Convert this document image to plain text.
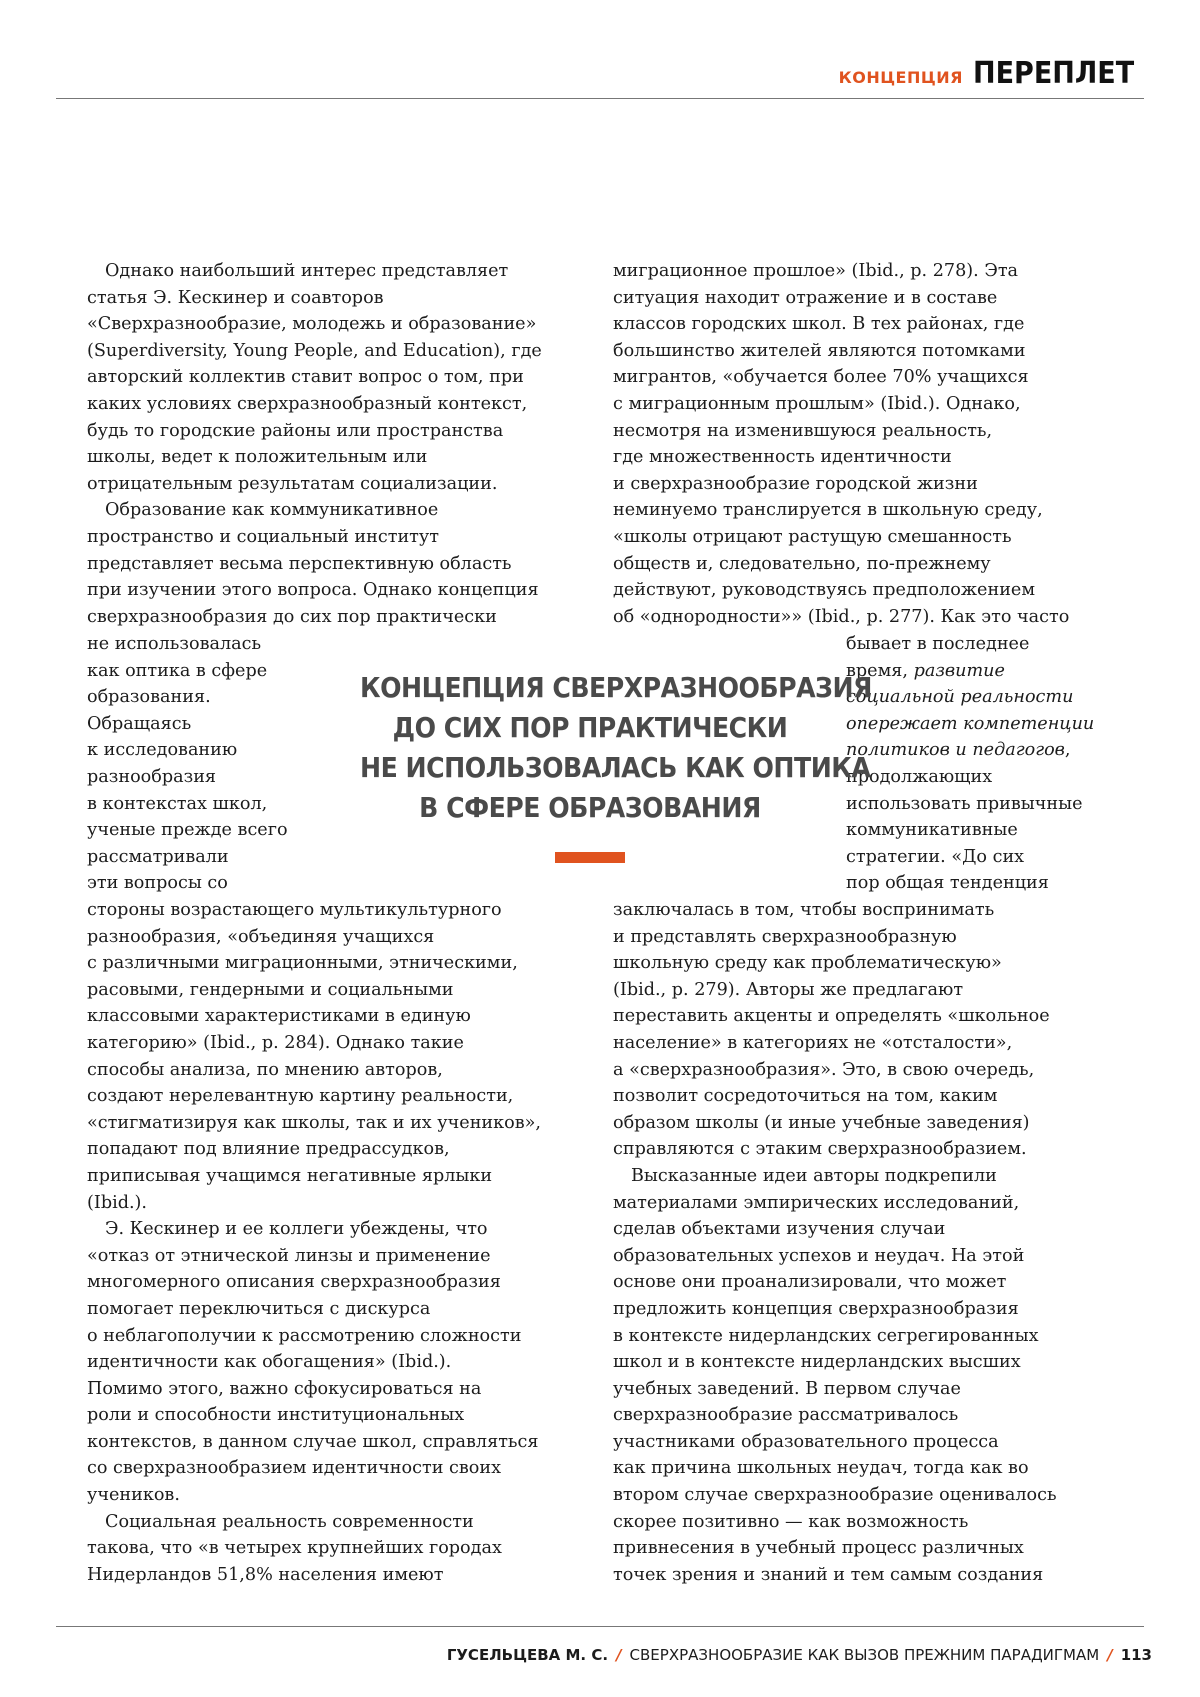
КОНЦЕПЦИЯ ПЕРЕПЛЕТ

Однако наибольший интерес представляет

статья Э. Кескинер и соавторов

«Сверхразнообразие, молодежь и образование»

(Superdiversity, Young People, and Education), где

авторский коллектив ставит вопрос о том, при

каких условиях сверхразнообразный контекст,

будь то городские районы или пространства

школы, ведет к положительным или

отрицательным результатам социализации.

Образование как коммуникативное

пространство и социальный институт

представляет весьма перспективную область

при изучении этого вопроса. Однако концепция

сверхразнообразия до сих пор практически

не использовалась

как оптика в сфере

образования.

Обращаясь

к исследованию

разнообразия

в контекстах школ,

ученые прежде всего

рассматривали

эти вопросы со

стороны возрастающего мультикультурного

разнообразия, «объединяя учащихся

с различными миграционными, этническими,

расовыми, гендерными и социальными

классовыми характеристиками в единую

категорию» (Ibid., p. 284). Однако такие

способы анализа, по мнению авторов,

создают нерелевантную картину реальности,

«стигматизируя как школы, так и их учеников»,

попадают под влияние предрассудков,

приписывая учащимся негативные ярлыки

(Ibid.).

Э. Кескинер и ее коллеги убеждены, что

«отказ от этнической линзы и применение

многомерного описания сверхразнообразия

помогает переключиться с дискурса

о неблагополучии к рассмотрению сложности

идентичности как обогащения» (Ibid.).

Помимо этого, важно сфокусироваться на

роли и способности институциональных

контекстов, в данном случае школ, справляться

со сверхразнообразием идентичности своих

учеников.

Социальная реальность современности

такова, что «в четырех крупнейших городах

Нидерландов 51,8% населения имеют

миграционное прошлое» (Ibid., p. 278). Эта

ситуация находит отражение и в составе

классов городских школ. В тех районах, где

большинство жителей являются потомками

мигрантов, «обучается более 70% учащихся

с миграционным прошлым» (Ibid.). Однако,

несмотря на изменившуюся реальность,

где множественность идентичности

и сверхразнообразие городской жизни

неминуемо транслируется в школьную среду,

«школы отрицают растущую смешанность

обществ и, следовательно, по-прежнему

действуют, руководствуясь предположением

об «однородности»» (Ibid., p. 277). Как это часто

бывает в последнее

время, развитие

социальной реальности

опережает компетенции

политиков и педагогов,

продолжающих

использовать привычные

коммуникативные

стратегии. «До сих

пор общая тенденция

заключалась в том, чтобы воспринимать

и представлять сверхразнообразную

школьную среду как проблематическую»

(Ibid., p. 279). Авторы же предлагают

переставить акценты и определять «школьное

население» в категориях не «отсталости»,

а «сверхразнообразия». Это, в свою очередь,

позволит сосредоточиться на том, каким

образом школы (и иные учебные заведения)

справляются с этаким сверхразнообразием.

Высказанные идеи авторы подкрепили

материалами эмпирических исследований,

сделав объектами изучения случаи

образовательных успехов и неудач. На этой

основе они проанализировали, что может

предложить концепция сверхразнообразия

в контексте нидерландских сегрегированных

школ и в контексте нидерландских высших

учебных заведений. В первом случае

сверхразнообразие рассматривалось

участниками образовательного процесса

как причина школьных неудач, тогда как во

втором случае сверхразнообразие оценивалось

скорее позитивно — как возможность

привнесения в учебный процесс различных

точек зрения и знаний и тем самым создания

КОНЦЕПЦИЯ СВЕРХРАЗНООБРАЗИЯ
ДО СИХ ПОР ПРАКТИЧЕСКИ
НЕ ИСПОЛЬЗОВАЛАСЬ КАК ОПТИКА
В СФЕРЕ ОБРАЗОВАНИЯ
ГУСЕЛЬЦЕВА М. С. / СВЕРХРАЗНООБРАЗИЕ КАК ВЫЗОВ ПРЕЖНИМ ПАРАДИГМАМ / 113
